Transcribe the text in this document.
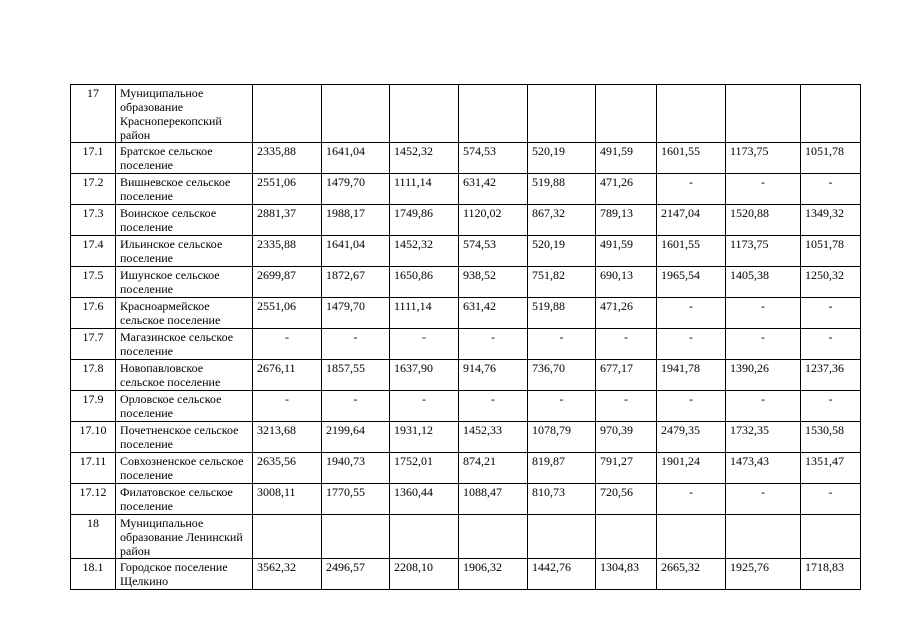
17	Муниципальное образование Красноперекопский район									
17.1	Братское сельское поселение	2335,88	1641,04	1452,32	574,53	520,19	491,59	1601,55	1173,75	1051,78
17.2	Вишневское сельское поселение	2551,06	1479,70	1111,14	631,42	519,88	471,26	-	-	-
17.3	Воинское сельское поселение	2881,37	1988,17	1749,86	1120,02	867,32	789,13	2147,04	1520,88	1349,32
17.4	Ильинское сельское поселение	2335,88	1641,04	1452,32	574,53	520,19	491,59	1601,55	1173,75	1051,78
17.5	Ишунское сельское поселение	2699,87	1872,67	1650,86	938,52	751,82	690,13	1965,54	1405,38	1250,32
17.6	Красноармейское сельское поселение	2551,06	1479,70	1111,14	631,42	519,88	471,26	-	-	-
17.7	Магазинское сельское поселение	-	-	-	-	-	-	-	-	-
17.8	Новопавловское сельское поселение	2676,11	1857,55	1637,90	914,76	736,70	677,17	1941,78	1390,26	1237,36
17.9	Орловское сельское поселение	-	-	-	-	-	-	-	-	-
17.10	Почетненское сельское поселение	3213,68	2199,64	1931,12	1452,33	1078,79	970,39	2479,35	1732,35	1530,58
17.11	Совхозненское сельское поселение	2635,56	1940,73	1752,01	874,21	819,87	791,27	1901,24	1473,43	1351,47
17.12	Филатовское сельское поселение	3008,11	1770,55	1360,44	1088,47	810,73	720,56	-	-	-
18	Муниципальное образование Ленинский район									
18.1	Городское поселение Щелкино	3562,32	2496,57	2208,10	1906,32	1442,76	1304,83	2665,32	1925,76	1718,83
